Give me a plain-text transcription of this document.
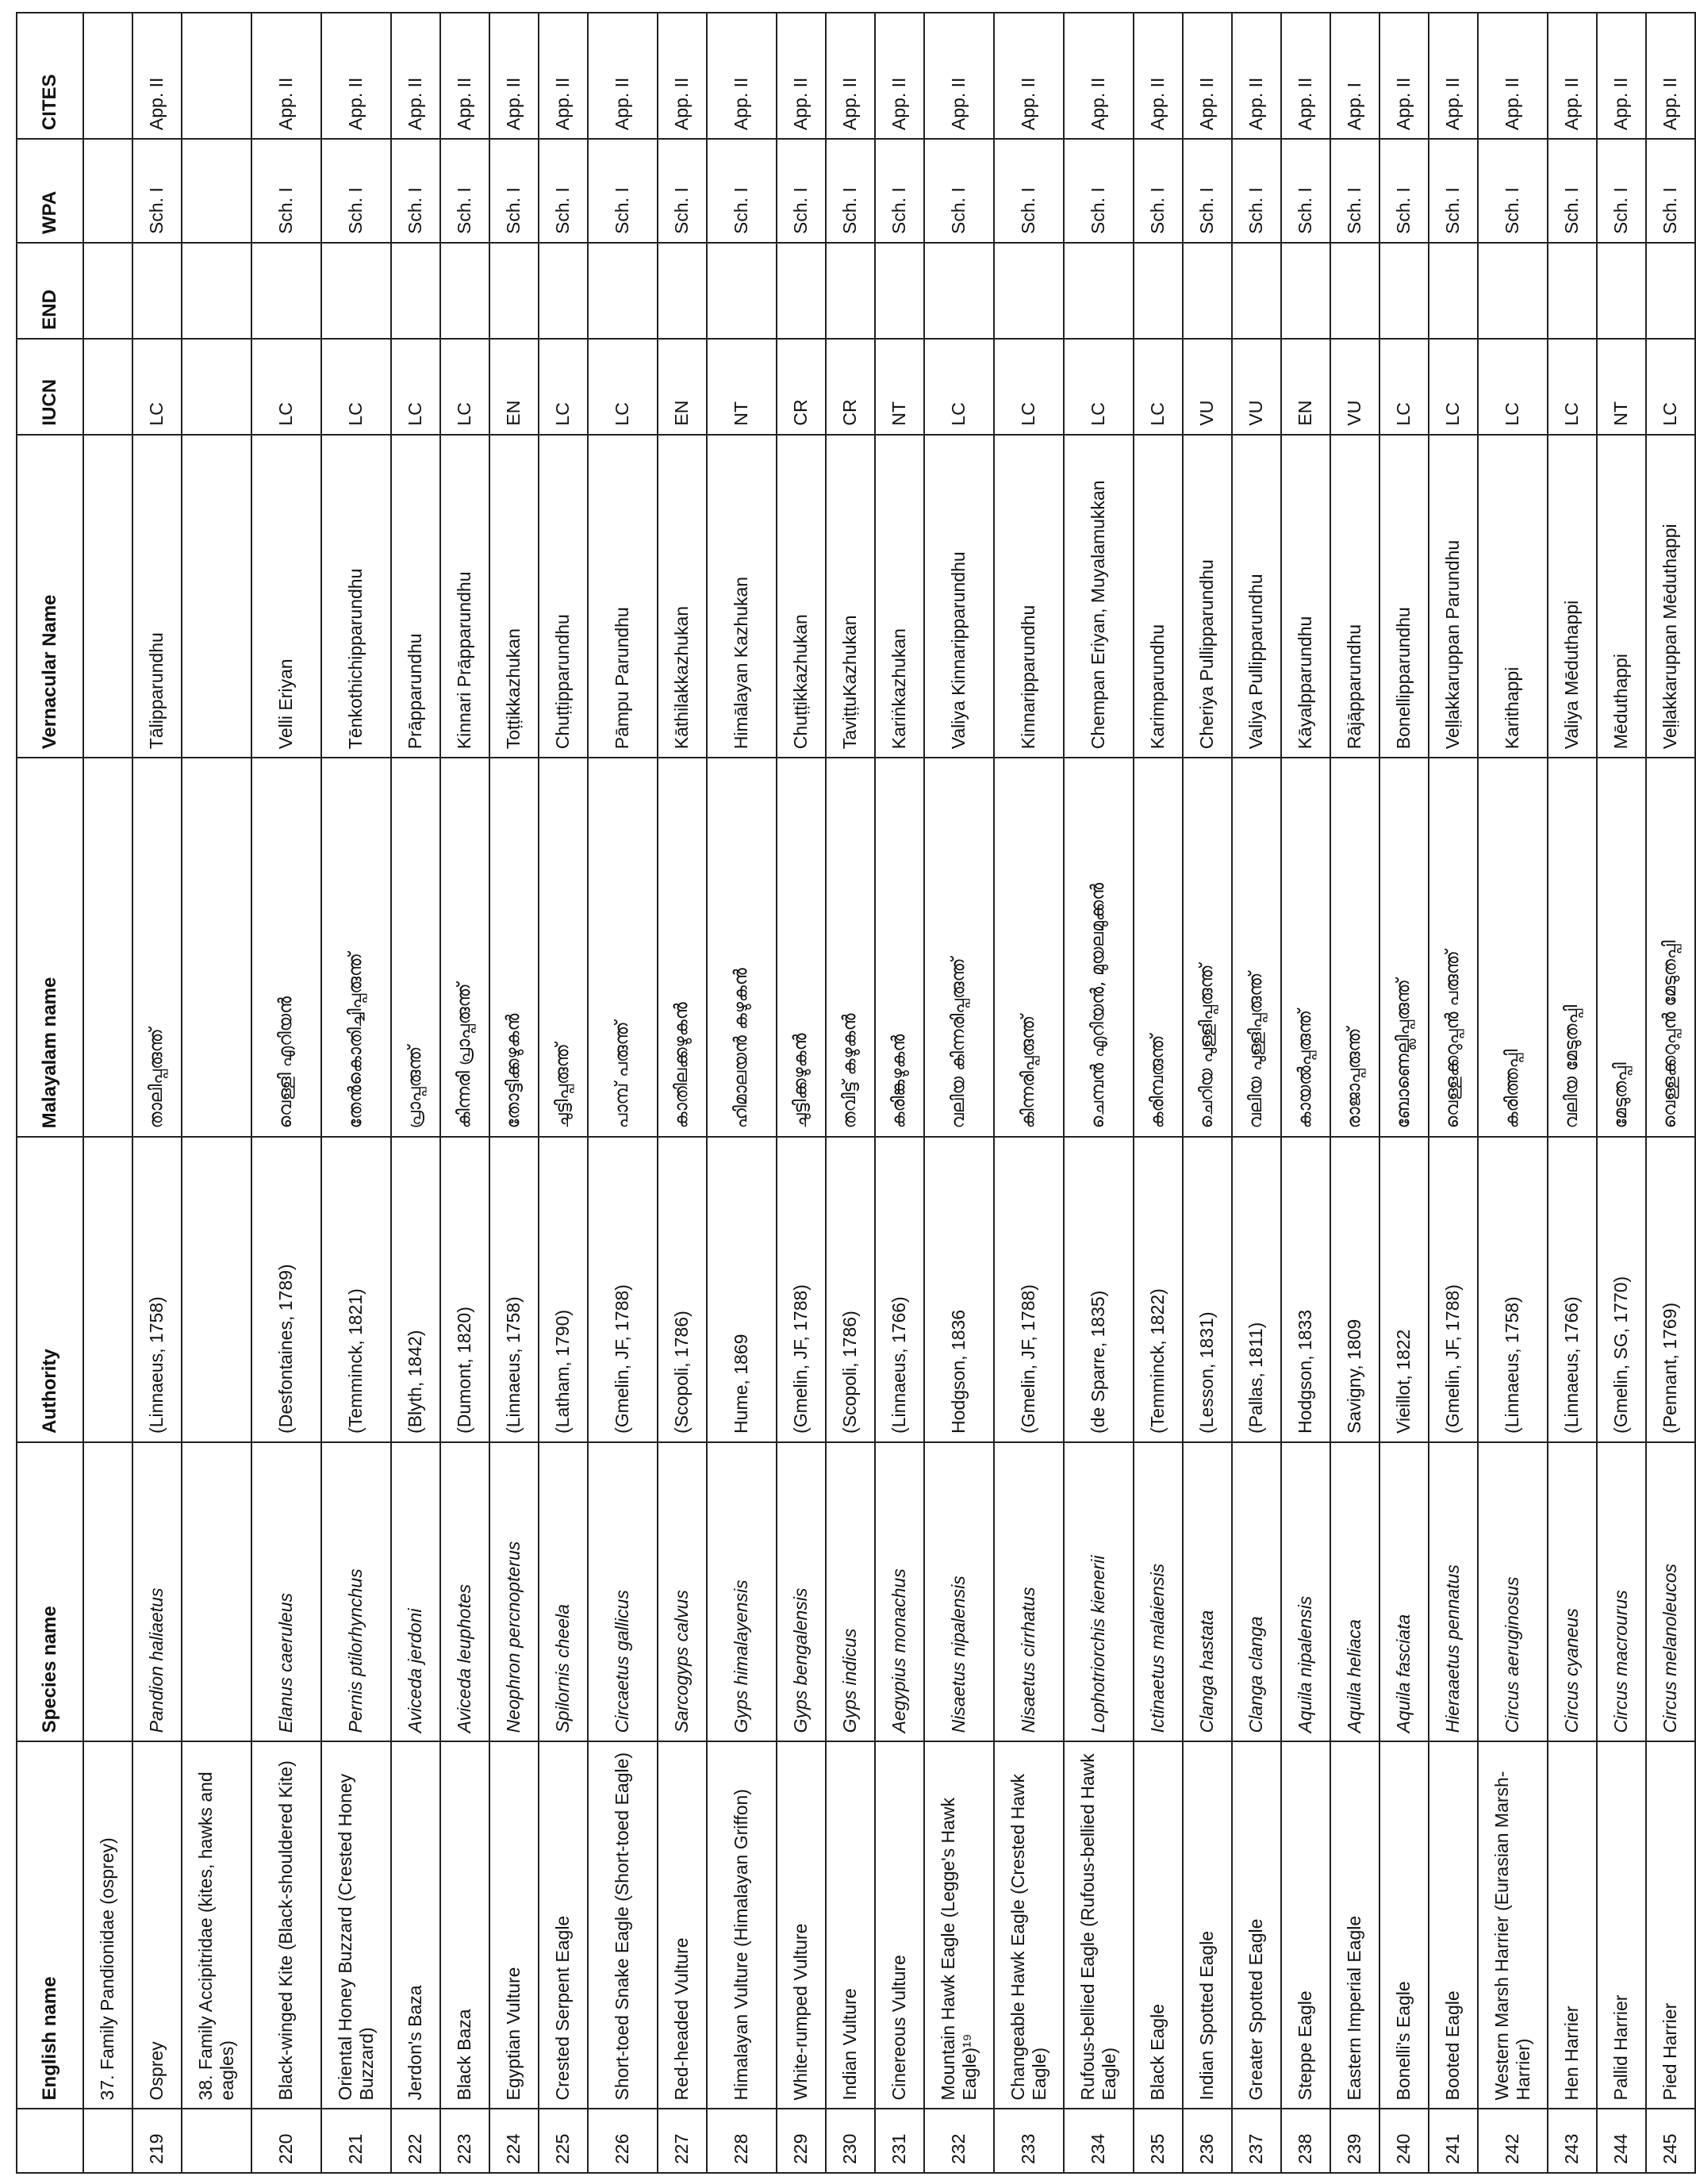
	English name	Species name	Authority	Malayalam name	Vernacular Name	IUCN	END	WPA	CITES
	37. Family Pandionidae (osprey)								
219	Osprey	Pandion haliaetus	(Linnaeus, 1758)	താലിപ്പരുന്ത്	Tālipparundhu	LC		Sch. I	App. II
	38. Family Accipitridae (kites, hawks and eagles)								
220	Black-winged Kite (Black-shouldered Kite)	Elanus caeruleus	(Desfontaines, 1789)	വെള്ളി എറിയൻ	Velli Eriyan	LC		Sch. I	App. II
221	Oriental Honey Buzzard (Crested Honey Buzzard)	Pernis ptilorhynchus	(Temminck, 1821)	തേൻകൊതിച്ചിപ്പരുന്ത്	Tēnkothichipparundhu	LC		Sch. I	App. II
222	Jerdon's Baza	Aviceda jerdoni	(Blyth, 1842)	പ്രാപ്പരുന്ത്	Prāpparundhu	LC		Sch. I	App. II
223	Black Baza	Aviceda leuphotes	(Dumont, 1820)	കിന്നരി പ്രാപ്പരുന്ത്	Kinnari Prāpparundhu	LC		Sch. I	App. II
224	Egyptian Vulture	Neophron percnopterus	(Linnaeus, 1758)	തോട്ടിക്കഴുകൻ	Toṭṭikkazhukan	EN		Sch. I	App. II
225	Crested Serpent Eagle	Spilornis cheela	(Latham, 1790)	ചുട്ടിപ്പരുന്ത്	Chuṭṭipparundhu	LC		Sch. I	App. II
226	Short-toed Snake Eagle (Short-toed Eagle)	Circaetus gallicus	(Gmelin, JF, 1788)	പാമ്പ് പരുന്ത്	Pāmpu Parundhu	LC		Sch. I	App. II
227	Red-headed Vulture	Sarcogyps calvus	(Scopoli, 1786)	കാതിലക്കഴുകൻ	Kāthilakkazhukan	EN		Sch. I	App. II
228	Himalayan Vulture (Himalayan Griffon)	Gyps himalayensis	Hume, 1869	ഹിമാലയൻ കഴുകൻ	Himālayan Kazhukan	NT		Sch. I	App. II
229	White-rumped Vulture	Gyps bengalensis	(Gmelin, JF, 1788)	ചുട്ടിക്കഴുകൻ	Chuṭṭikkazhukan	CR		Sch. I	App. II
230	Indian Vulture	Gyps indicus	(Scopoli, 1786)	തവിട്ട് കഴുകൻ	TaviṭṭuKazhukan	CR		Sch. I	App. II
231	Cinereous Vulture	Aegypius monachus	(Linnaeus, 1766)	കരിങ്കഴുകൻ	Kariṅkazhukan	NT		Sch. I	App. II
232	Mountain Hawk Eagle (Legge's Hawk Eagle)¹⁹	Nisaetus nipalensis	Hodgson, 1836	വലിയ കിന്നരിപ്പരുന്ത്	Valiya Kinnaripparundhu	LC		Sch. I	App. II
233	Changeable Hawk Eagle (Crested Hawk Eagle)	Nisaetus cirrhatus	(Gmelin, JF, 1788)	കിന്നരിപ്പരുന്ത്	Kinnaripparundhu	LC		Sch. I	App. II
234	Rufous-bellied Eagle (Rufous-bellied Hawk Eagle)	Lophotriorchis kienerii	(de Sparre, 1835)	ചെമ്പൻ എറിയൻ, മുയലമുക്കൻ	Chempan Eriyan, Muyalamukkan	LC		Sch. I	App. II
235	Black Eagle	Ictinaetus malaiensis	(Temminck, 1822)	കരിമ്പരുന്ത്	Karimparundhu	LC		Sch. I	App. II
236	Indian Spotted Eagle	Clanga hastata	(Lesson, 1831)	ചെറിയ പുള്ളിപ്പരുന്ത്	Cheriya Pullipparundhu	VU		Sch. I	App. II
237	Greater Spotted Eagle	Clanga clanga	(Pallas, 1811)	വലിയ പുള്ളിപ്പരുന്ത്	Valiya Pullipparundhu	VU		Sch. I	App. II
238	Steppe Eagle	Aquila nipalensis	Hodgson, 1833	കായൽപ്പരുന്ത്	Kāyalpparundhu	EN		Sch. I	App. II
239	Eastern Imperial Eagle	Aquila heliaca	Savigny, 1809	രാജാപ്പരുന്ത്	Rājāpparundhu	VU		Sch. I	App. I
240	Bonelli's Eagle	Aquila fasciata	Vieillot, 1822	ബോണെല്ലിപ്പരുന്ത്	Bonellipparundhu	LC		Sch. I	App. II
241	Booted Eagle	Hieraaetus pennatus	(Gmelin, JF, 1788)	വെള്ളക്കറുപ്പൻ പരുന്ത്	Veḷḷakkaruppan Parundhu	LC		Sch. I	App. II
242	Western Marsh Harrier (Eurasian Marsh-Harrier)	Circus aeruginosus	(Linnaeus, 1758)	കരിത്തപ്പി	Karithappi	LC		Sch. I	App. II
243	Hen Harrier	Circus cyaneus	(Linnaeus, 1766)	വലിയ മേടുതപ്പി	Valiya Mēduthappi	LC		Sch. I	App. II
244	Pallid Harrier	Circus macrourus	(Gmelin, SG, 1770)	മേടുതപ്പി	Mēduthappi	NT		Sch. I	App. II
245	Pied Harrier	Circus melanoleucos	(Pennant, 1769)	വെള്ളക്കറുപ്പൻ മേടുതപ്പി	Veḷḷakkaruppan Mēduthappi	LC		Sch. I	App. II
